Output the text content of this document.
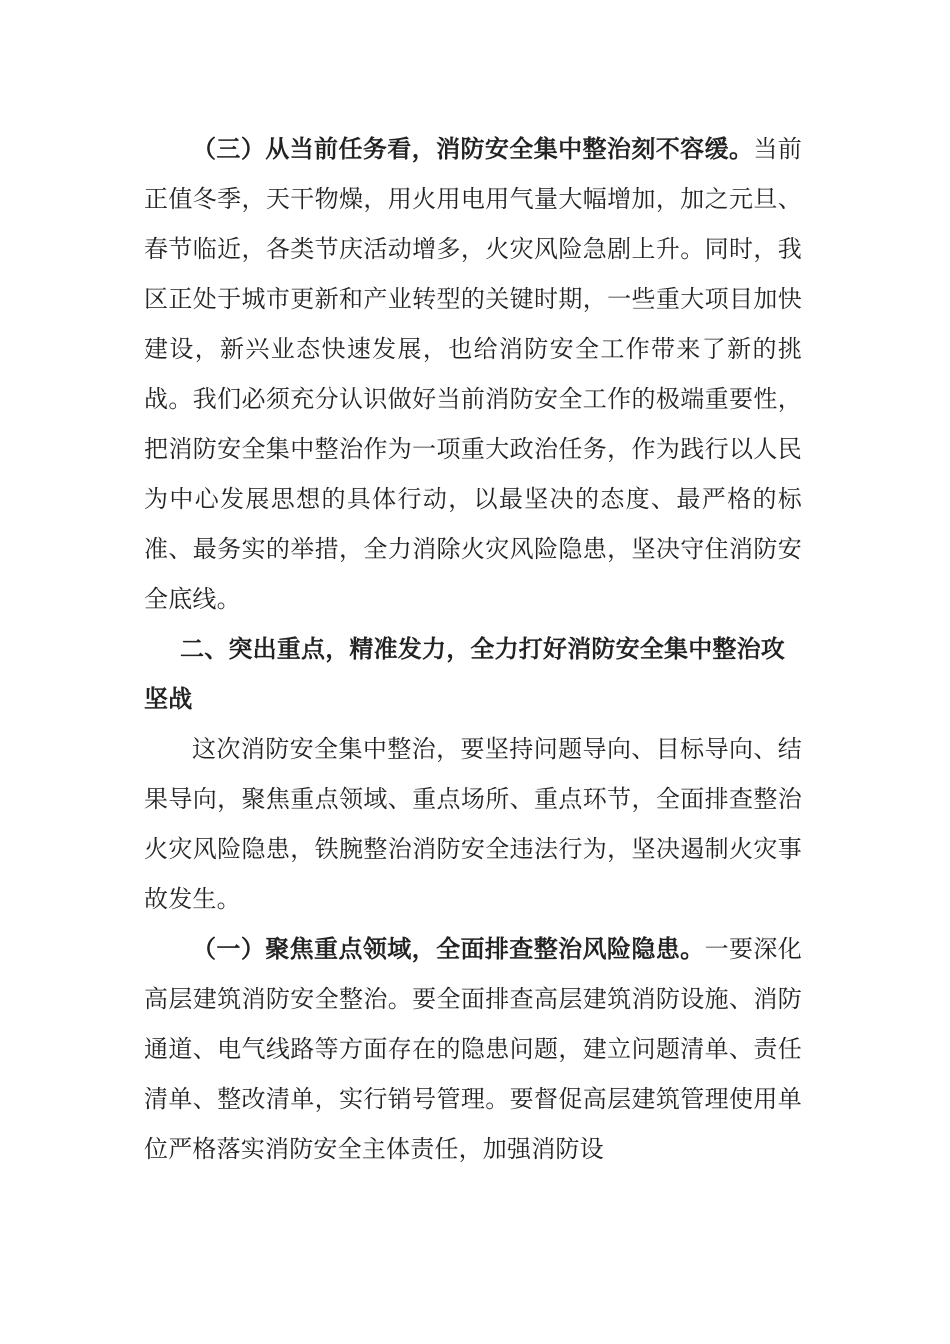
（三）从当前任务看，消防安全集中整治刻不容缓。当前正值冬季，天干物燥，用火用电用气量大幅增加，加之元旦、春节临近，各类节庆活动增多，火灾风险急剧上升。同时，我区正处于城市更新和产业转型的关键时期，一些重大项目加快建设，新兴业态快速发展，也给消防安全工作带来了新的挑战。我们必须充分认识做好当前消防安全工作的极端重要性，把消防安全集中整治作为一项重大政治任务，作为践行以人民为中心发展思想的具体行动，以最坚决的态度、最严格的标准、最务实的举措，全力消除火灾风险隐患，坚决守住消防安全底线。

二、突出重点，精准发力，全力打好消防安全集中整治攻坚战

这次消防安全集中整治，要坚持问题导向、目标导向、结果导向，聚焦重点领域、重点场所、重点环节，全面排查整治火灾风险隐患，铁腕整治消防安全违法行为，坚决遏制火灾事故发生。

（一）聚焦重点领域，全面排查整治风险隐患。一要深化高层建筑消防安全整治。要全面排查高层建筑消防设施、消防通道、电气线路等方面存在的隐患问题，建立问题清单、责任清单、整改清单，实行销号管理。要督促高层建筑管理使用单位严格落实消防安全主体责任，加强消防设
